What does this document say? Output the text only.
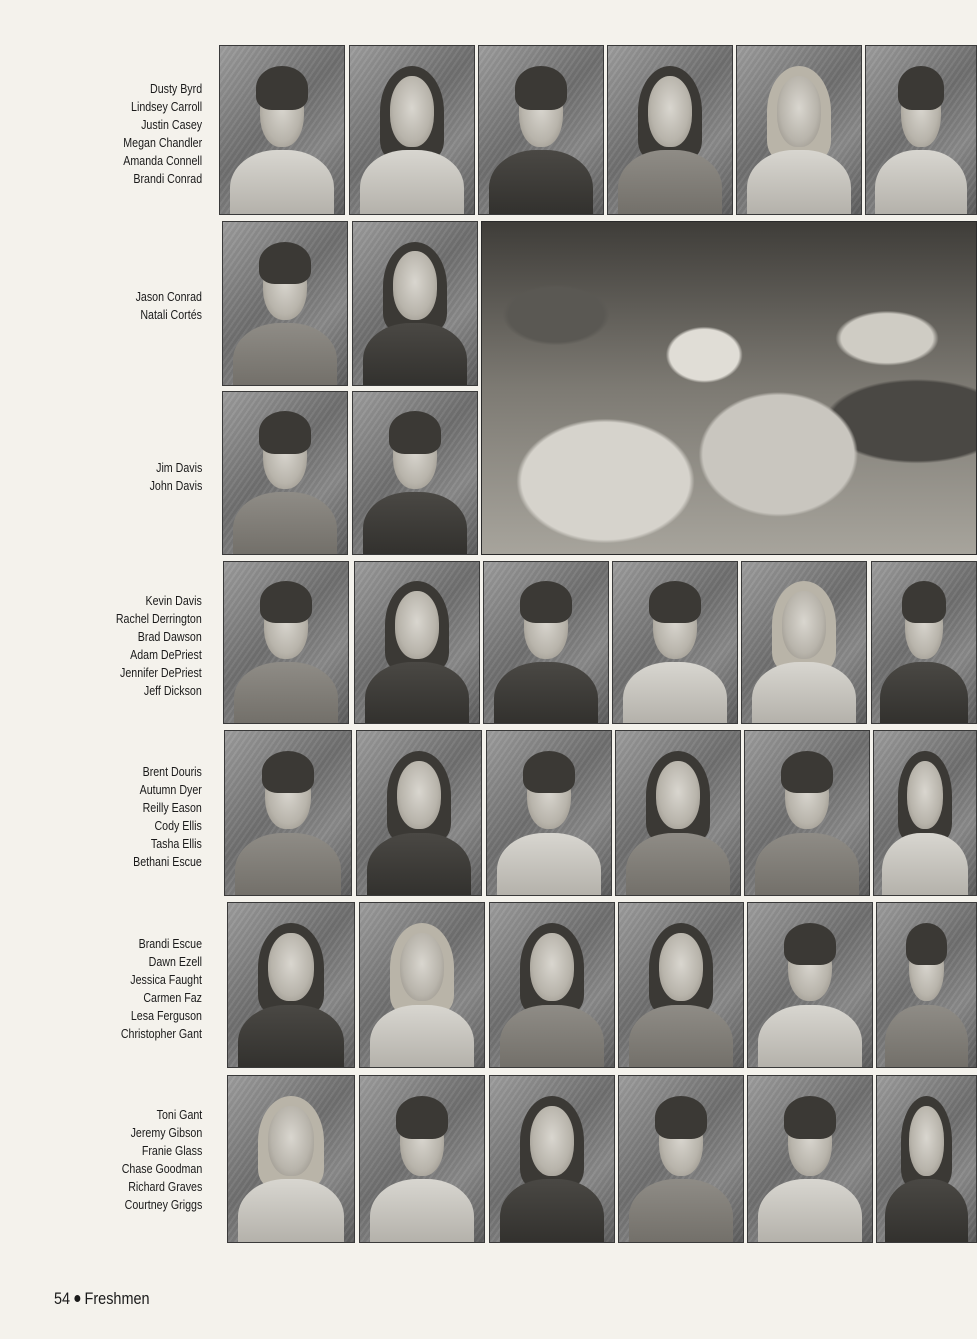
Dusty Byrd
Lindsey Carroll
Justin Casey
Megan Chandler
Amanda Connell
Brandi Conrad
Jason Conrad
Natali Cortés
Jim Davis
John Davis
Kevin Davis
Rachel Derrington
Brad Dawson
Adam DePriest
Jennifer DePriest
Jeff Dickson
Brent Douris
Autumn Dyer
Reilly Eason
Cody Ellis
Tasha Ellis
Bethani Escue
Brandi Escue
Dawn Ezell
Jessica Faught
Carmen Faz
Lesa Ferguson
Christopher Gant
Toni Gant
Jeremy Gibson
Franie Glass
Chase Goodman
Richard Graves
Courtney Griggs
54 Freshmen
